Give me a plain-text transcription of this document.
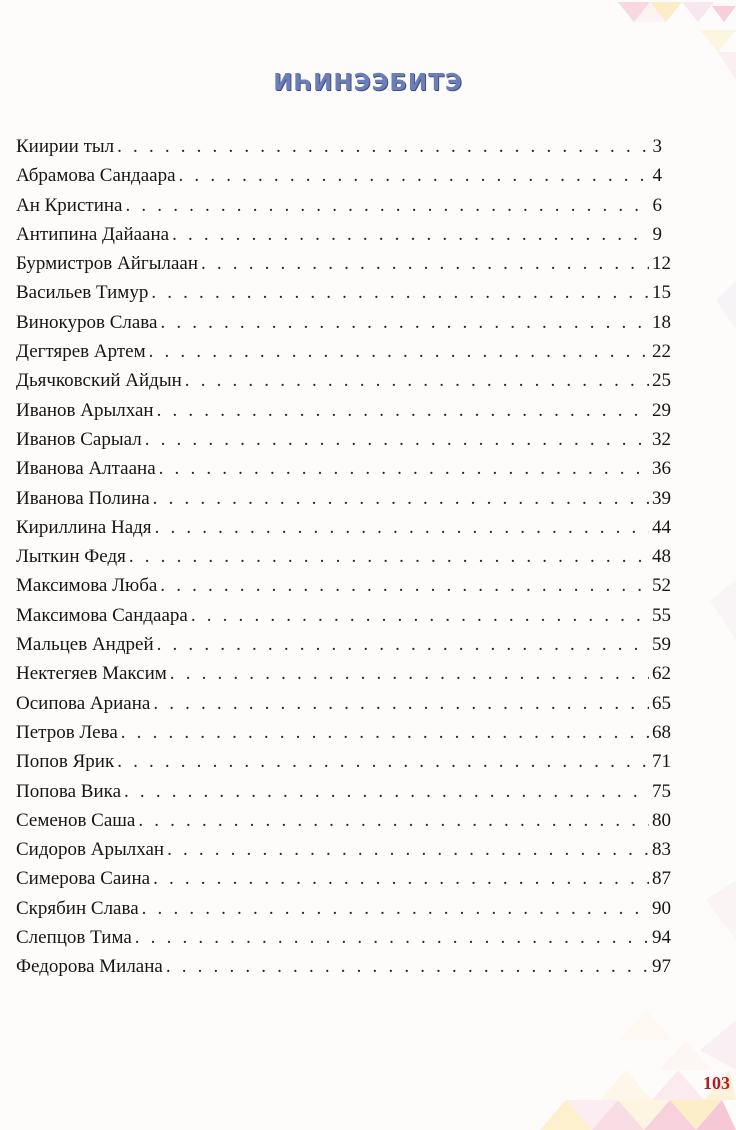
ИҺИНЭЭБИТЭ
Киирии тыл . . .	3
Абрамова Сандаара . . .	4
Ан Кристина . . .	6
Антипина Дайаана . . .	9
Бурмистров Айгылаан . . .	12
Васильев Тимур . . .	15
Винокуров Слава . . .	18
Дегтярев Артем . . .	22
Дьячковский Айдын . . .	25
Иванов Арылхан . . .	29
Иванов Сарыал . . .	32
Иванова Алтаана . . .	36
Иванова Полина . . .	39
Кириллина Надя . . .	44
Лыткин Федя . . .	48
Максимова Люба . . .	52
Максимова Сандаара . . .	55
Мальцев Андрей . . .	59
Нектегяев Максим . . .	62
Осипова Ариана . . .	65
Петров Лева . . .	68
Попов Ярик . . .	71
Попова Вика . . .	75
Семенов Саша . . .	80
Сидоров Арылхан . . .	83
Симерова Саина . . .	87
Скрябин Слава . . .	90
Слепцов Тима . . .	94
Федорова Милана . . .	97
103
